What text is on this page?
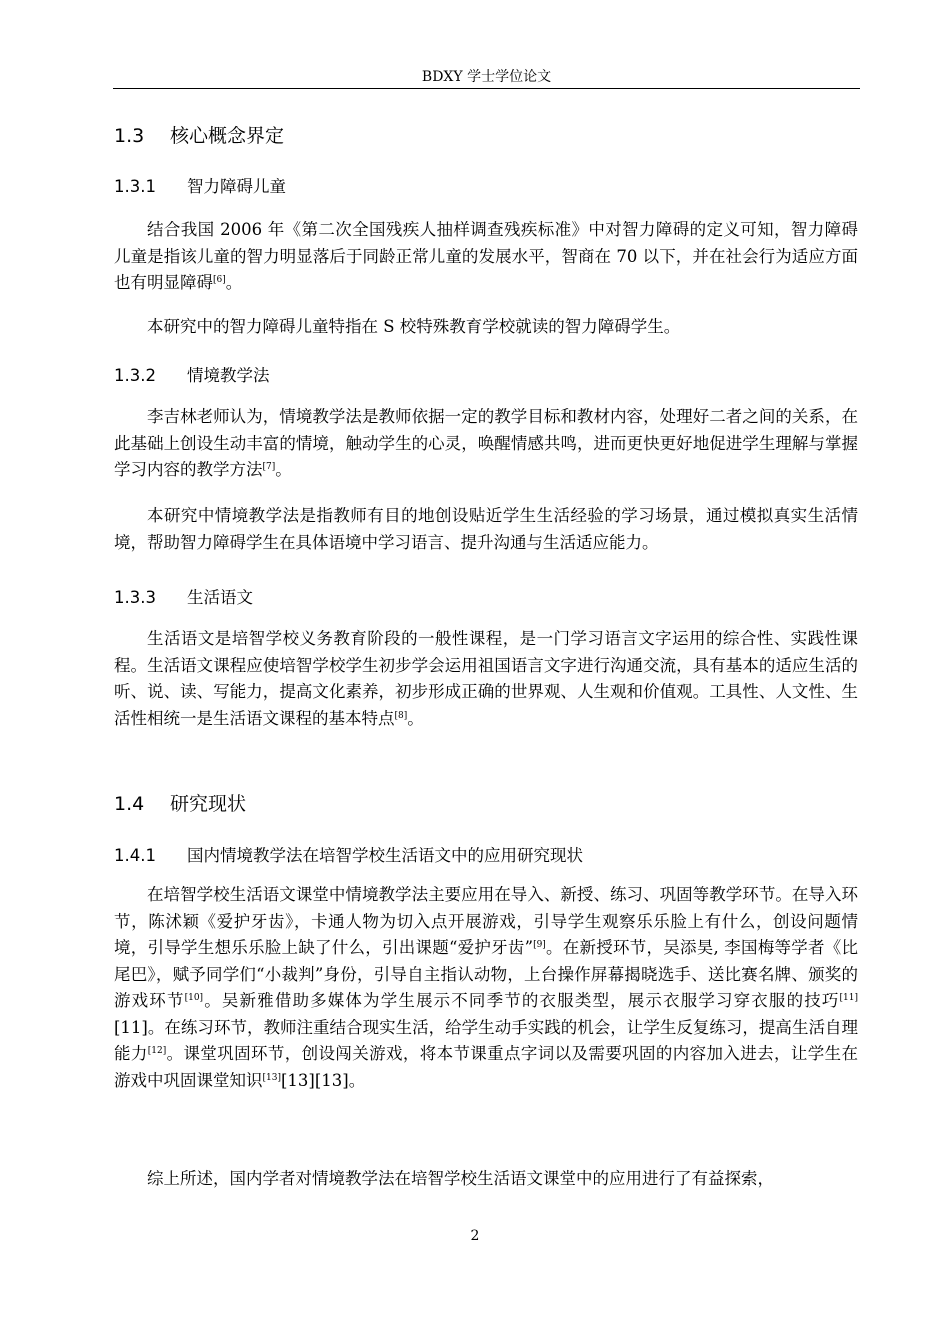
BDXY 学士学位论文
1.3 核心概念界定
1.3.1 智力障碍儿童

结合我国 2006 年《第二次全国残疾人抽样调查残疾标准》中对智力障碍的定义可知，智力障碍儿童是指该儿童的智力明显落后于同龄正常儿童的发展水平，智商在 70 以下，并在社会行为适应方面也有明显障碍[6]。

本研究中的智力障碍儿童特指在 S 校特殊教育学校就读的智力障碍学生。

1.3.2 情境教学法

李吉林老师认为，情境教学法是教师依据一定的教学目标和教材内容，处理好二者之间的关系，在此基础上创设生动丰富的情境，触动学生的心灵，唤醒情感共鸣，进而更快更好地促进学生理解与掌握学习内容的教学方法[7]。

本研究中情境教学法是指教师有目的地创设贴近学生生活经验的学习场景，通过模拟真实生活情境，帮助智力障碍学生在具体语境中学习语言、提升沟通与生活适应能力。

1.3.3 生活语文

生活语文是培智学校义务教育阶段的一般性课程，是一门学习语言文字运用的综合性、实践性课程。生活语文课程应使培智学校学生初步学会运用祖国语言文字进行沟通交流，具有基本的适应生活的听、说、读、写能力，提高文化素养，初步形成正确的世界观、人生观和价值观。工具性、人文性、生活性相统一是生活语文课程的基本特点[8]。

1.4 研究现状
1.4.1 国内情境教学法在培智学校生活语文中的应用研究现状

在培智学校生活语文课堂中情境教学法主要应用在导入、新授、练习、巩固等教学环节。在导入环节，陈沭颖《爱护牙齿》，卡通人物为切入点开展游戏，引导学生观察乐乐脸上有什么，创设问题情境，引导学生想乐乐脸上缺了什么，引出课题“爱护牙齿”[9]。在新授环节，吴添昊, 李国梅等学者《比尾巴》，赋予同学们“小裁判”身份，引导自主指认动物，上台操作屏幕揭晓选手、送比赛名牌、颁奖的游戏环节[10]。吴新雅借助多媒体为学生展示不同季节的衣服类型，展示衣服学习穿衣服的技巧[11][11]。在练习环节，教师注重结合现实生活，给学生动手实践的机会，让学生反复练习，提高生活自理能力[12]。课堂巩固环节，创设闯关游戏，将本节课重点字词以及需要巩固的内容加入进去，让学生在游戏中巩固课堂知识[13][13][13]。

综上所述，国内学者对情境教学法在培智学校生活语文课堂中的应用进行了有益探索，

2
